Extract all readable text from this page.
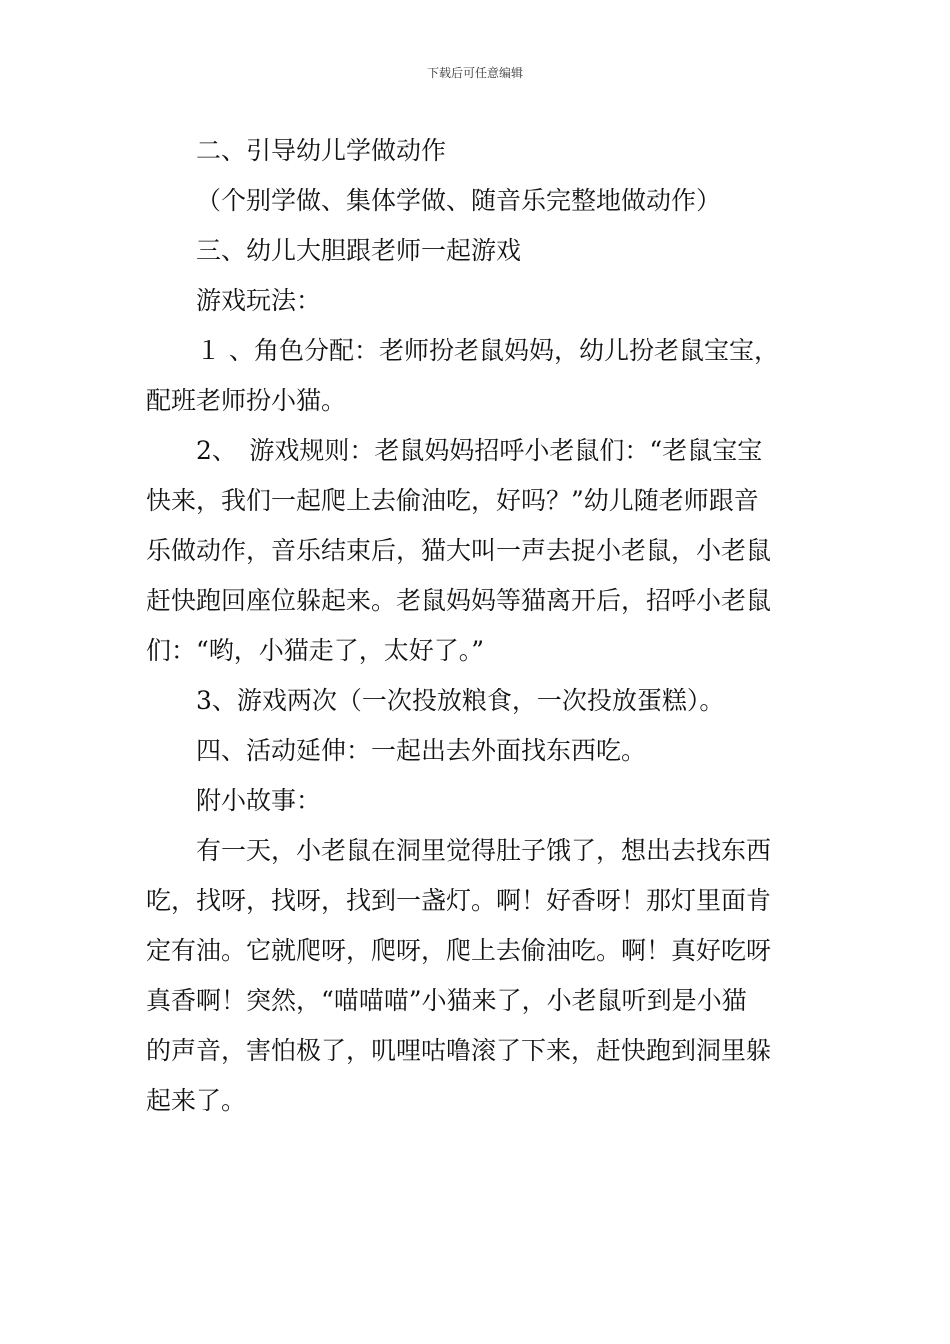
下载后可任意编辑
二、引导幼儿学做动作
（个别学做、集体学做、随音乐完整地做动作）
三、幼儿大胆跟老师一起游戏
游戏玩法：
１ 、角色分配：老师扮老鼠妈妈，幼儿扮老鼠宝宝，
配班老师扮小猫。
2、　游戏规则：老鼠妈妈招呼小老鼠们：“老鼠宝宝
快来，我们一起爬上去偷油吃，好吗？”幼儿随老师跟音
乐做动作，音乐结束后，猫大叫一声去捉小老鼠，小老鼠
赶快跑回座位躲起来。老鼠妈妈等猫离开后，招呼小老鼠
们：“哟，小猫走了，太好了。”
3、游戏两次（一次投放粮食，一次投放蛋糕）。
四、活动延伸：一起出去外面找东西吃。
附小故事：
有一天，小老鼠在洞里觉得肚子饿了，想出去找东西
吃，找呀，找呀，找到一盏灯。啊！好香呀！那灯里面肯
定有油。它就爬呀，爬呀，爬上去偷油吃。啊！真好吃呀
真香啊！突然，“喵喵喵”小猫来了，小老鼠听到是小猫
的声音，害怕极了，叽哩咕噜滚了下来，赶快跑到洞里躲
起来了。
